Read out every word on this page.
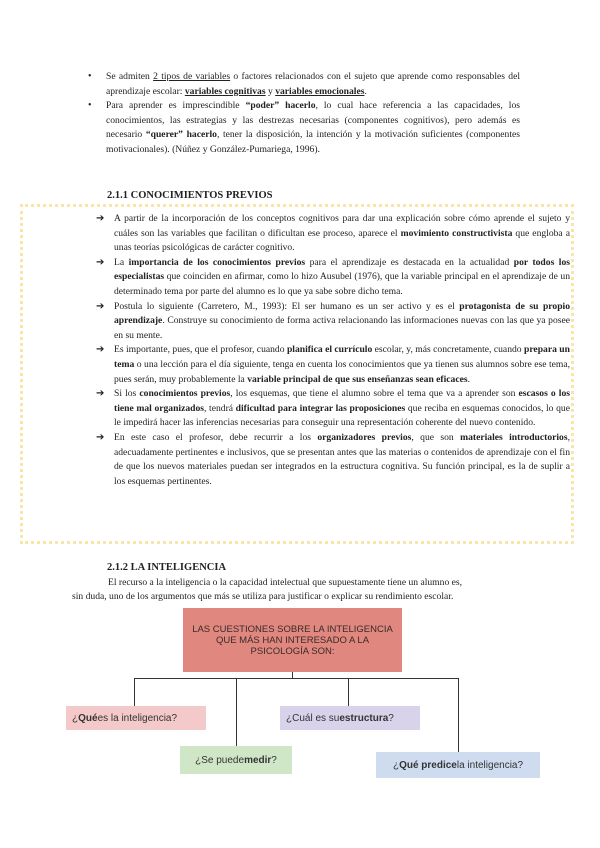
• Se admiten 2 tipos de variables o factores relacionados con el sujeto que aprende como responsables del aprendizaje escolar: variables cognitivas y variables emocionales.
• Para aprender es imprescindible “poder” hacerlo, lo cual hace referencia a las capacidades, los conocimientos, las estrategias y las destrezas necesarias (componentes cognitivos), pero además es necesario “querer” hacerlo, tener la disposición, la intención y la motivación suficientes (componentes motivacionales). (Núñez y González-Pumariega, 1996).
2.1.1 CONOCIMIENTOS PREVIOS
➔ A partir de la incorporación de los conceptos cognitivos para dar una explicación sobre cómo aprende el sujeto y cuáles son las variables que facilitan o dificultan ese proceso, aparece el movimiento constructivista que engloba a unas teorías psicológicas de carácter cognitivo.
➔ La importancia de los conocimientos previos para el aprendizaje es destacada en la actualidad por todos los especialistas que coinciden en afirmar, como lo hizo Ausubel (1976), que la variable principal en el aprendizaje de un determinado tema por parte del alumno es lo que ya sabe sobre dicho tema.
➔ Postula lo siguiente (Carretero, M., 1993): El ser humano es un ser activo y es el protagonista de su propio aprendizaje. Construye su conocimiento de forma activa relacionando las informaciones nuevas con las que ya posee en su mente.
➔ Es importante, pues, que el profesor, cuando planifica el currículo escolar, y, más concretamente, cuando prepara un tema o una lección para el día siguiente, tenga en cuenta los conocimientos que ya tienen sus alumnos sobre ese tema, pues serán, muy probablemente la variable principal de que sus enseñanzas sean eficaces.
➔ Si los conocimientos previos, los esquemas, que tiene el alumno sobre el tema que va a aprender son escasos o los tiene mal organizados, tendrá dificultad para integrar las proposiciones que reciba en esquemas conocidos, lo que le impedirá hacer las inferencias necesarias para conseguir una representación coherente del nuevo contenido.
➔ En este caso el profesor, debe recurrir a los organizadores previos, que son materiales introductorios, adecuadamente pertinentes e inclusivos, que se presentan antes que las materias o contenidos de aprendizaje con el fin de que los nuevos materiales puedan ser integrados en la estructura cognitiva. Su función principal, es la de suplir a los esquemas pertinentes.
2.1.2 LA INTELIGENCIA
El recurso a la inteligencia o la capacidad intelectual que supuestamente tiene un alumno es,
sin duda, uno de los argumentos que más se utiliza para justificar o explicar su rendimiento escolar.
LAS CUESTIONES SOBRE LA INTELIGENCIA QUE MÁS HAN INTERESADO A LA PSICOLOGÍA SON:
¿ Qué es la inteligencia?	¿Cuál es su estructura ?
¿Se puede medir ?	¿ Qué predice la inteligencia?
